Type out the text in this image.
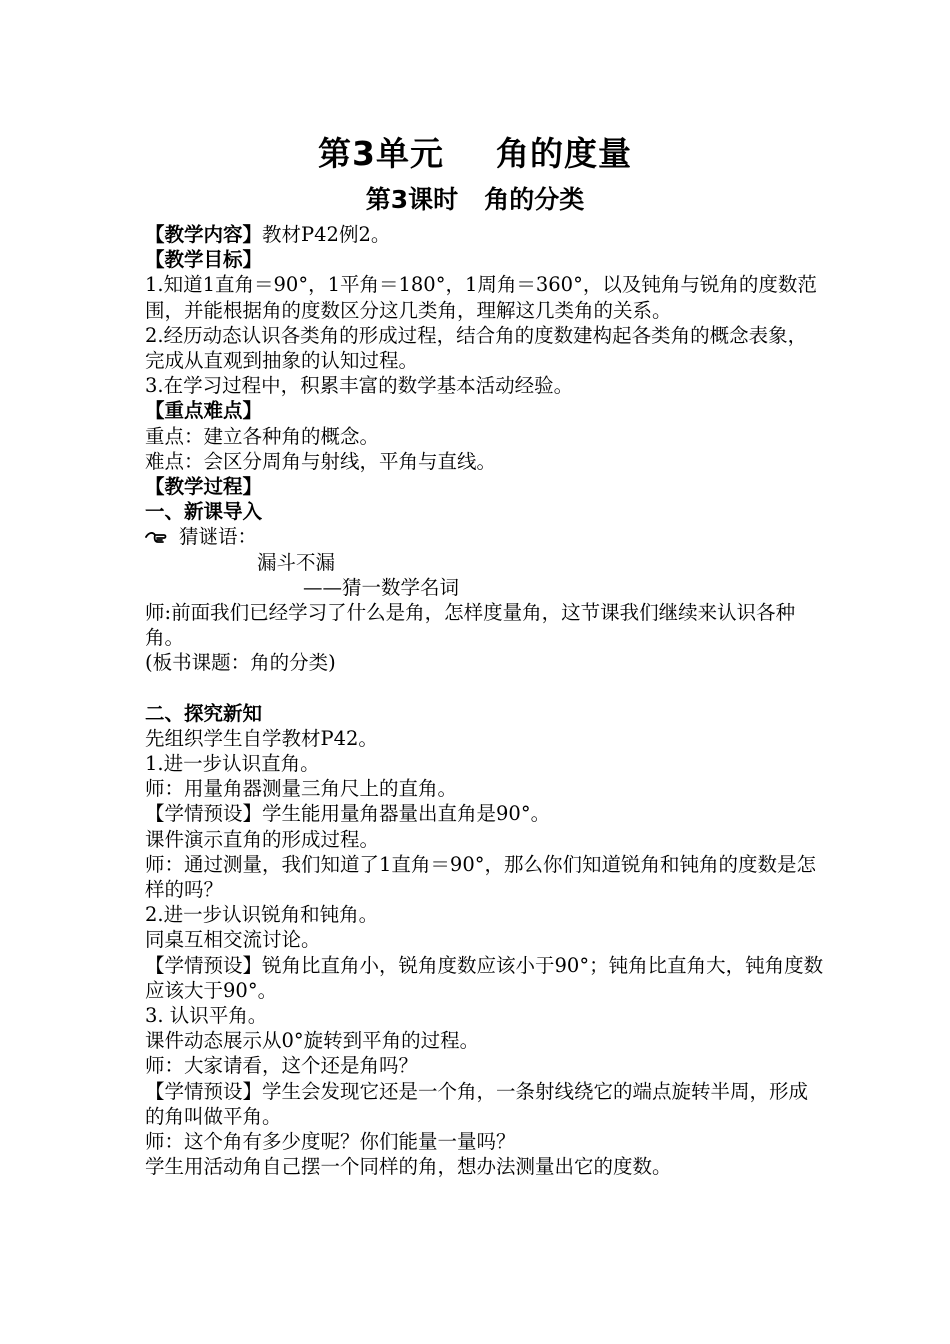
第3单元 角的度量
第3课时 角的分类
【教学内容】教材P42例2。
【教学目标】

1.知道1直角＝90°，1平角＝180°，1周角＝360°，以及钝角与锐角的度数范围，并能根据角的度数区分这几类角，理解这几类角的关系。

2.经历动态认识各类角的形成过程，结合角的度数建构起各类角的概念表象，完成从直观到抽象的认知过程。

3.在学习过程中，积累丰富的数学基本活动经验。

【重点难点】
重点：建立各种角的概念。
难点：会区分周角与射线，平角与直线。
【教学过程】
一、新课导入
猜谜语：
漏斗不漏
——猜一数学名词

师:前面我们已经学习了什么是角，怎样度量角，这节课我们继续来认识各种角。

(板书课题：角的分类)
二、探究新知
先组织学生自学教材P42。
1.进一步认识直角。
师：用量角器测量三角尺上的直角。
【学情预设】学生能用量角器量出直角是90°。
课件演示直角的形成过程。

师：通过测量，我们知道了1直角＝90°，那么你们知道锐角和钝角的度数是怎样的吗？

2.进一步认识锐角和钝角。
同桌互相交流讨论。

【学情预设】锐角比直角小，锐角度数应该小于90°；钝角比直角大，钝角度数应该大于90°。

3. 认识平角。
课件动态展示从0°旋转到平角的过程。
师：大家请看，这个还是角吗？

【学情预设】学生会发现它还是一个角，一条射线绕它的端点旋转半周，形成的角叫做平角。

师：这个角有多少度呢？你们能量一量吗？
学生用活动角自己摆一个同样的角，想办法测量出它的度数。
